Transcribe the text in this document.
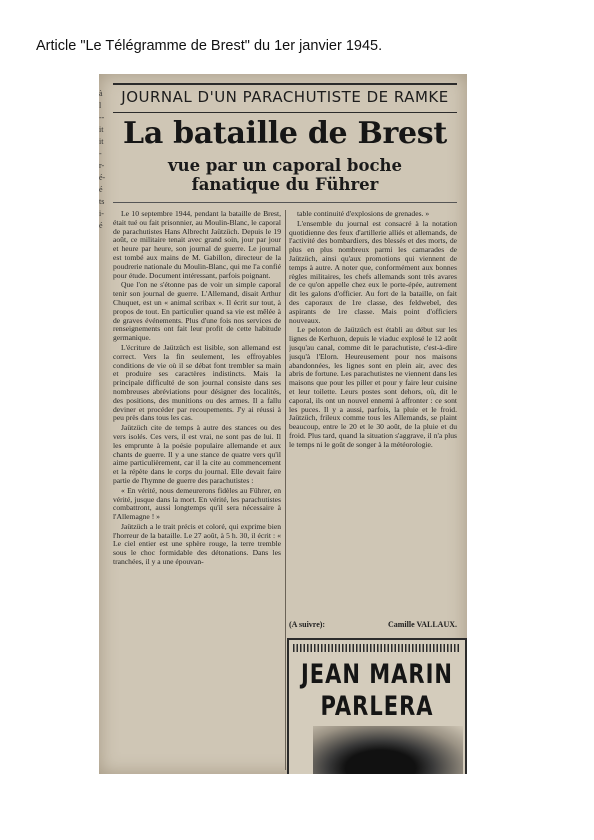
Article "Le Télégramme de Brest" du 1er janvier 1945.
à
l
--
it
it
-
r-
é-
é
ts
i-
é
JOURNAL D'UN PARACHUTISTE DE RAMKE
La bataille de Brest
vue par un caporal boche
fanatique du Führer

Le 10 septembre 1944, pendant la bataille de Brest, était tué ou fait prisonnier, au Moulin-Blanc, le caporal de parachutistes Hans Albrecht Jaützüch. Depuis le 19 août, ce militaire tenait avec grand soin, jour par jour et heure par heure, son journal de guerre. Le journal est tombé aux mains de M. Gabillon, directeur de la poudrerie nationale du Moulin-Blanc, qui me l'a confié pour étude. Document intéressant, parfois poignant.

Que l'on ne s'étonne pas de voir un simple caporal tenir son journal de guerre. L'Allemand, disait Arthur Chuquet, est un « animal scribax ». Il écrit sur tout, à propos de tout. En particulier quand sa vie est mêlée à de graves événements. Plus d'une fois nos services de renseignements ont fait leur profit de cette habitude germanique.

L'écriture de Jaützüch est lisible, son allemand est correct. Vers la fin seulement, les effroyables conditions de vie où il se débat font trembler sa main et produire ses caractères indistincts. Mais la principale difficulté de son journal consiste dans ses nombreuses abréviations pour désigner des localités, des positions, des munitions ou des armes. Il a fallu deviner et procéder par recoupements. J'y ai réussi à peu près dans tous les cas.

Jaützüch cite de temps à autre des stances ou des vers isolés. Ces vers, il est vrai, ne sont pas de lui. Il les emprunte à la poésie populaire allemande et aux chants de guerre. Il y a une stance de quatre vers qu'il aime particulièrement, car il la cite au commencement et la répète dans le corps du journal. Elle devait faire partie de l'hymne de guerre des parachutistes :

« En vérité, nous demeurerons fidèles au Führer, en vérité, jusque dans la mort. En vérité, les parachutistes combattront, aussi longtemps qu'il sera nécessaire à l'Allemagne ! »

Jaützüch a le trait précis et coloré, qui exprime bien l'horreur de la bataille. Le 27 août, à 5 h. 30, il écrit : « Le ciel entier est une sphère rouge, la terre tremble sous le choc formidable des détonations. Dans les tranchées, il y a une épouvan-

table continuité d'explosions de grenades. »

L'ensemble du journal est consacré à la notation quotidienne des feux d'artillerie alliés et allemands, de l'activité des bombardiers, des blessés et des morts, de plus en plus nombreux parmi les camarades de Jaützüch, ainsi qu'aux promotions qui viennent de temps à autre. A noter que, conformément aux bonnes règles militaires, les chefs allemands sont très avares de ce qu'on appelle chez eux le porte-épée, autrement dit les galons d'officier. Au fort de la bataille, on fait des caporaux de 1re classe, des feldwebel, des aspirants de 1re classe. Mais point d'officiers nouveaux.

Le peloton de Jaützüch est établi au début sur les lignes de Kerhuon, depuis le viaduc explosé le 12 août jusqu'au canal, comme dit le parachutiste, c'est-à-dire jusqu'à l'Elorn. Heureusement pour nos maisons abandonnées, les lignes sont en plein air, avec des abris de fortune. Les parachutistes ne viennent dans les maisons que pour les piller et pour y faire leur cuisine et leur toilette. Leurs postes sont dehors, où, dit le caporal, ils ont un nouvel ennemi à affronter : ce sont les puces. Il y a aussi, parfois, la pluie et le froid. Jaützüch, frileux comme tous les Allemands, se plaint beaucoup, entre le 20 et le 30 août, de la pluie et du froid. Plus tard, quand la situation s'aggrave, il n'a plus le temps ni le goût de songer à la météorologie.

(A suivre):	Camille VALLAUX.
JEAN MARIN
PARLERA
